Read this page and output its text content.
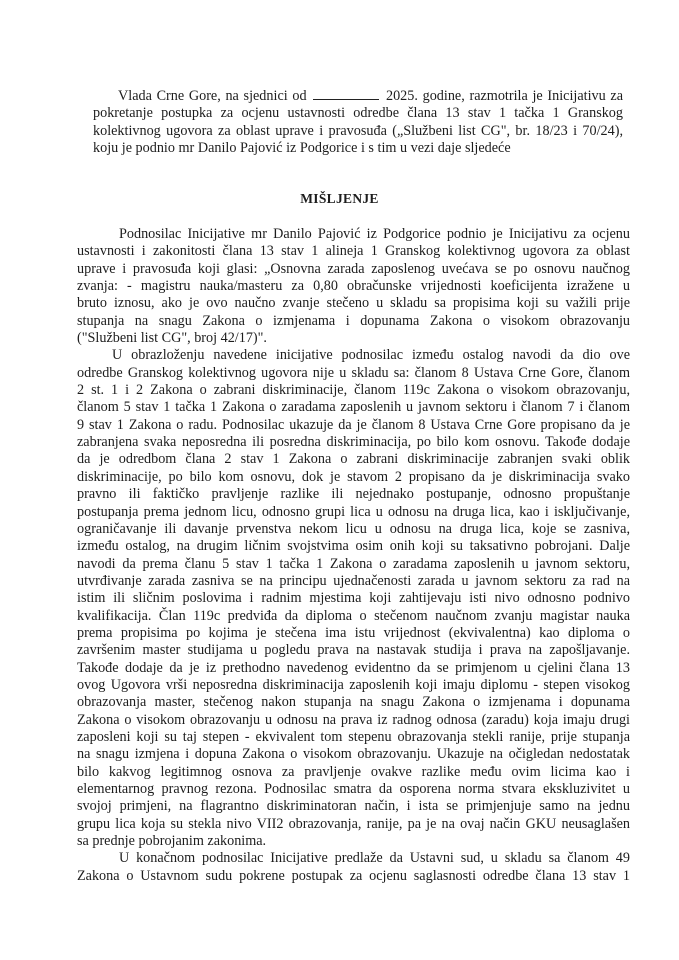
Vlada Crne Gore, na sjednici od	2025. godine, razmotrila je Inicijativu za
pokretanje postupka za ocjenu ustavnosti odredbe člana 13 stav 1 tačka 1 Granskog
kolektivnog ugovora za oblast uprave i pravosuđa („Službeni list CG", br. 18/23 i 70/24),
koju je podnio mr Danilo Pajović iz Podgorice i s tim u vezi daje sljedeće
MIŠLJENJE

Podnosilac Inicijative mr Danilo Pajović iz Podgorice podnio je Inicijativu za ocjenu
ustavnosti i zakonitosti člana 13 stav 1 alineja 1 Granskog kolektivnog ugovora za oblast
uprave i pravosuđa koji glasi: „Osnovna zarada zaposlenog uvećava se po osnovu naučnog
zvanja: - magistru nauka/masteru za 0,80 obračunske vrijednosti koeficijenta izražene u
bruto iznosu, ako je ovo naučno zvanje stečeno u skladu sa propisima koji su važili prije
stupanja na snagu Zakona o izmjenama i dopunama Zakona o visokom obrazovanju
("Službeni list CG", broj 42/17)".

U obrazloženju navedene inicijative podnosilac između ostalog navodi da dio ove
odredbe Granskog kolektivnog ugovora nije u skladu sa: članom 8 Ustava Crne Gore, članom
2 st. 1 i 2 Zakona o zabrani diskriminacije, članom 119c Zakona o visokom obrazovanju,
članom 5 stav 1 tačka 1 Zakona o zaradama zaposlenih u javnom sektoru i članom 7 i članom
9 stav 1 Zakona o radu. Podnosilac ukazuje da je članom 8 Ustava Crne Gore propisano da je
zabranjena svaka neposredna ili posredna diskriminacija, po bilo kom osnovu. Takođe dodaje
da je odredbom člana 2 stav 1 Zakona o zabrani diskriminacije zabranjen svaki oblik
diskriminacije, po bilo kom osnovu, dok je stavom 2 propisano da je diskriminacija svako
pravno ili faktičko pravljenje razlike ili nejednako postupanje, odnosno propuštanje
postupanja prema jednom licu, odnosno grupi lica u odnosu na druga lica, kao i isključivanje,
ograničavanje ili davanje prvenstva nekom licu u odnosu na druga lica, koje se zasniva,
između ostalog, na drugim ličnim svojstvima osim onih koji su taksativno pobrojani. Dalje
navodi da prema članu 5 stav 1 tačka 1 Zakona o zaradama zaposlenih u javnom sektoru,
utvrđivanje zarada zasniva se na principu ujednačenosti zarada u javnom sektoru za rad na
istim ili sličnim poslovima i radnim mjestima koji zahtijevaju isti nivo odnosno podnivo
kvalifikacija. Član 119c predviđa da diploma o stečenom naučnom zvanju magistar nauka
prema propisima po kojima je stečena ima istu vrijednost (ekvivalentna) kao diploma o
završenim master studijama u pogledu prava na nastavak studija i prava na zapošljavanje.
Takođe dodaje da je iz prethodno navedenog evidentno da se primjenom u cjelini člana 13
ovog Ugovora vrši neposredna diskriminacija zaposlenih koji imaju diplomu - stepen visokog
obrazovanja master, stečenog nakon stupanja na snagu Zakona o izmjenama i dopunama
Zakona o visokom obrazovanju u odnosu na prava iz radnog odnosa (zaradu) koja imaju drugi
zaposleni koji su taj stepen - ekvivalent tom stepenu obrazovanja stekli ranije, prije stupanja
na snagu izmjena i dopuna Zakona o visokom obrazovanju. Ukazuje na očigledan nedostatak
bilo kakvog legitimnog osnova za pravljenje ovakve razlike među ovim licima kao i
elementarnog pravnog rezona. Podnosilac smatra da osporena norma stvara ekskluzivitet u
svojoj primjeni, na flagrantno diskriminatoran način, i ista se primjenjuje samo na jednu
grupu lica koja su stekla nivo VII2 obrazovanja, ranije, pa je na ovaj način GKU neusaglašen
sa prednje pobrojanim zakonima.

U konačnom podnosilac Inicijative predlaže da Ustavni sud, u skladu sa članom 49
Zakona o Ustavnom sudu pokrene postupak za ocjenu saglasnosti odredbe člana 13 stav 1
